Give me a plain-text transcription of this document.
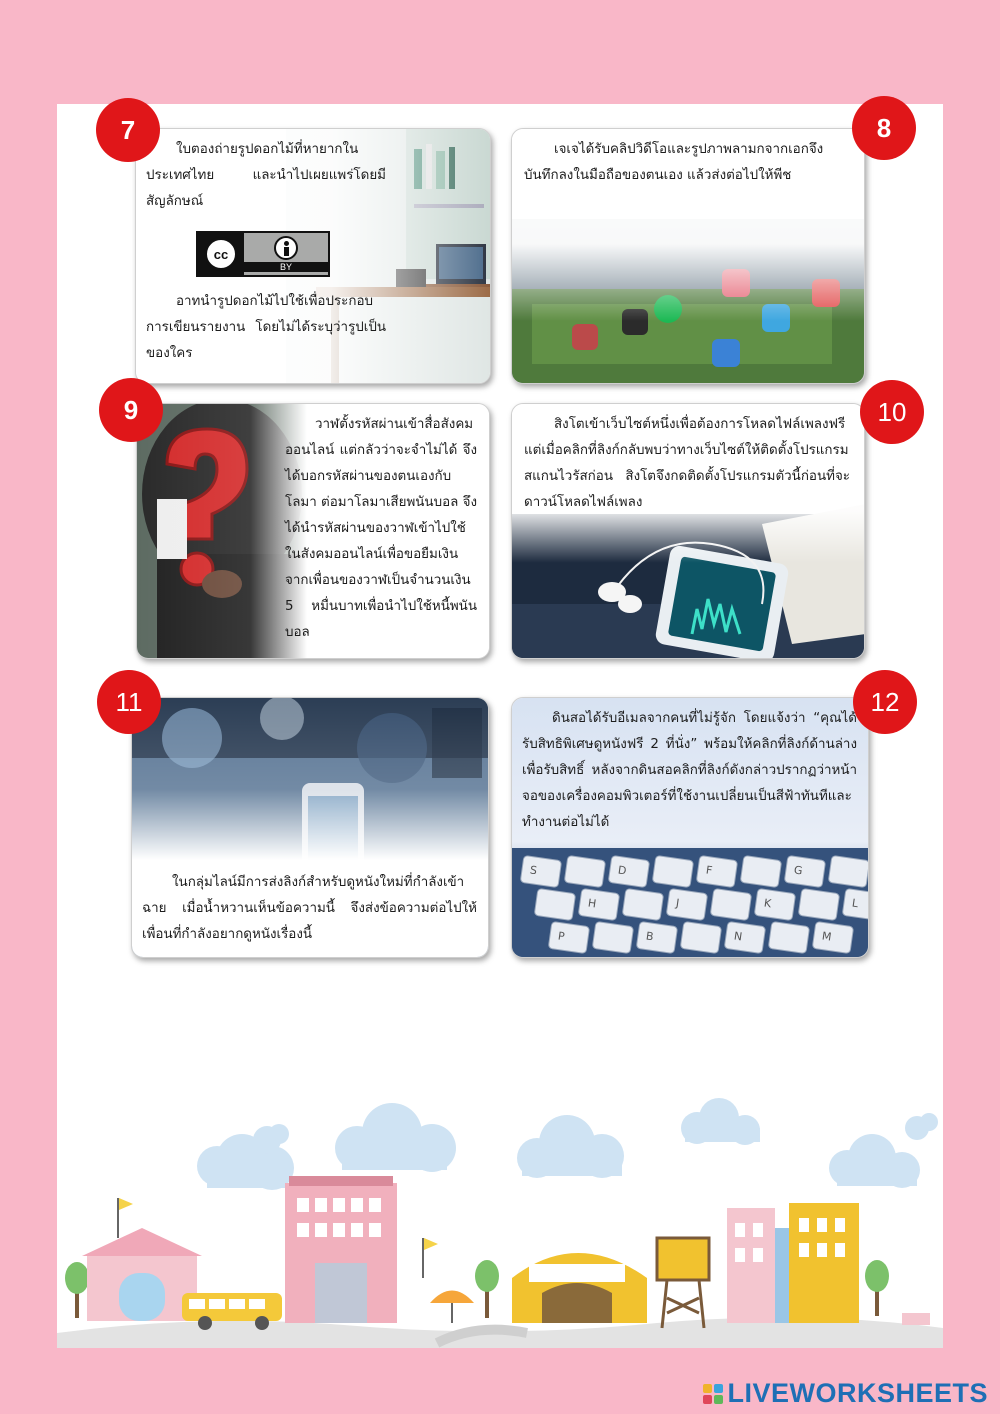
ใบตองถ่ายรูปดอกไม้ที่หายากในประเทศไทย และนำไปเผยแพร่โดยมีสัญลักษณ์
cc
BY
อาทนำรูปดอกไม้ไปใช้เพื่อประกอบการเขียนรายงาน โดยไม่ได้ระบุว่ารูปเป็นของใคร
7
เจเจได้รับคลิปวิดีโอและรูปภาพลามกจากเอกจึงบันทึกลงในมือถือของตนเอง แล้วส่งต่อไปให้พีช
8
วาฬตั้งรหัสผ่านเข้าสื่อสังคมออนไลน์ แต่กลัวว่าจะจำไม่ได้ จึงได้บอกรหัสผ่านของตนเองกับโลมา ต่อมาโลมาเสียพนันบอล จึงได้นำรหัสผ่านของวาฬเข้าไปใช้ในสังคมออนไลน์เพื่อขอยืมเงินจากเพื่อนของวาฬเป็นจำนวนเงิน 5 หมื่นบาทเพื่อนำไปใช้หนี้พนันบอล
9	สิงโตเข้าเว็บไซต์หนึ่งเพื่อต้องการโหลดไฟล์เพลงฟรี แต่เมื่อคลิกที่ลิงก์กลับพบว่าทางเว็บไซต์ให้ติดตั้งโปรแกรมสแกนไวรัสก่อน สิงโตจึงกดติดตั้งโปรแกรมตัวนี้ก่อนที่จะดาวน์โหลดไฟล์เพลง
10
ในกลุ่มไลน์มีการส่งลิงก์สำหรับดูหนังใหม่ที่กำลังเข้าฉาย เมื่อน้ำหวานเห็นข้อความนี้ จึงส่งข้อความต่อไปให้เพื่อนที่กำลังอยากดูหนังเรื่องนี้
11
S	D	F	G
H	J	K	L
P	B	N	M
ดินสอได้รับอีเมลจากคนที่ไม่รู้จัก โดยแจ้งว่า “คุณได้รับสิทธิพิเศษดูหนังฟรี 2 ที่นั่ง” พร้อมให้คลิกที่ลิงก์ด้านล่างเพื่อรับสิทธิ์ หลังจากดินสอคลิกที่ลิงก์ดังกล่าวปรากฏว่าหน้าจอของเครื่องคอมพิวเตอร์ที่ใช้งานเปลี่ยนเป็นสีฟ้าทันทีและทำงานต่อไม่ได้
12
LIVEWORKSHEETS
